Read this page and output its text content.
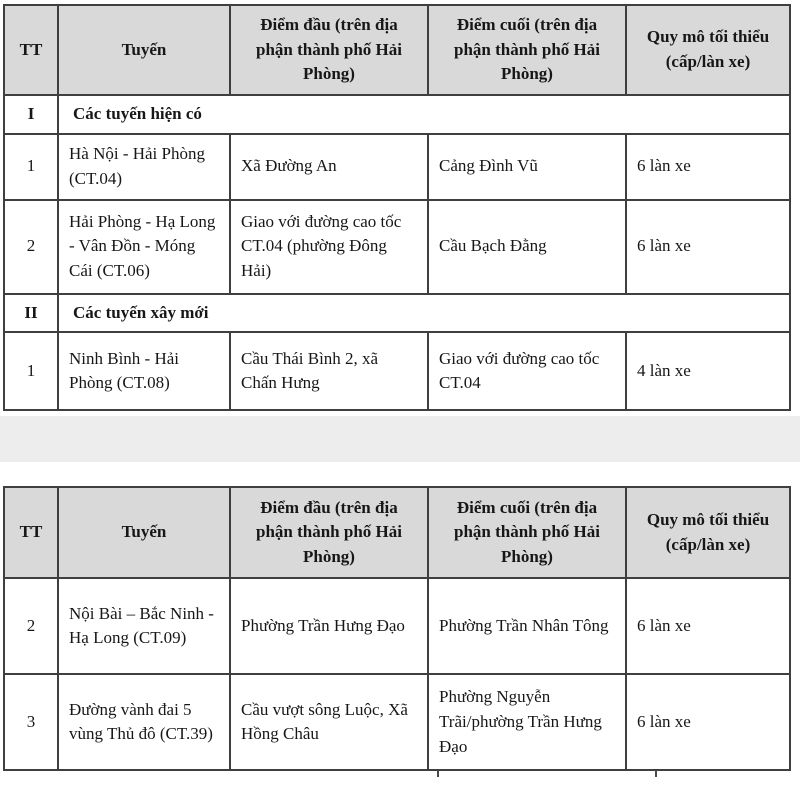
TT	Tuyến	Điểm đầu (trên địa phận thành phố Hải Phòng)	Điểm cuối (trên địa phận thành phố Hải Phòng)	Quy mô tối thiểu (cấp/làn xe)
I	Các tuyến hiện có			
1	Hà Nội - Hải Phòng (CT.04)	Xã Đường An	Cảng Đình Vũ	6 làn xe
2	Hải Phòng - Hạ Long - Vân Đồn - Móng Cái (CT.06)	Giao với đường cao tốc CT.04 (phường Đông Hải)	Cầu Bạch Đằng	6 làn xe
II	Các tuyến xây mới			
1	Ninh Bình - Hải Phòng (CT.08)	Cầu Thái Bình 2, xã Chấn Hưng	Giao với đường cao tốc CT.04	4 làn xe
TT	Tuyến	Điểm đầu (trên địa phận thành phố Hải Phòng)	Điểm cuối (trên địa phận thành phố Hải Phòng)	Quy mô tối thiểu (cấp/làn xe)
2	Nội Bài – Bắc Ninh - Hạ Long (CT.09)	Phường Trần Hưng Đạo	Phường Trần Nhân Tông	6 làn xe
3	Đường vành đai 5 vùng Thủ đô (CT.39)	Cầu vượt sông Luộc, Xã Hồng Châu	Phường Nguyễn Trãi/phường Trần Hưng Đạo	6 làn xe
